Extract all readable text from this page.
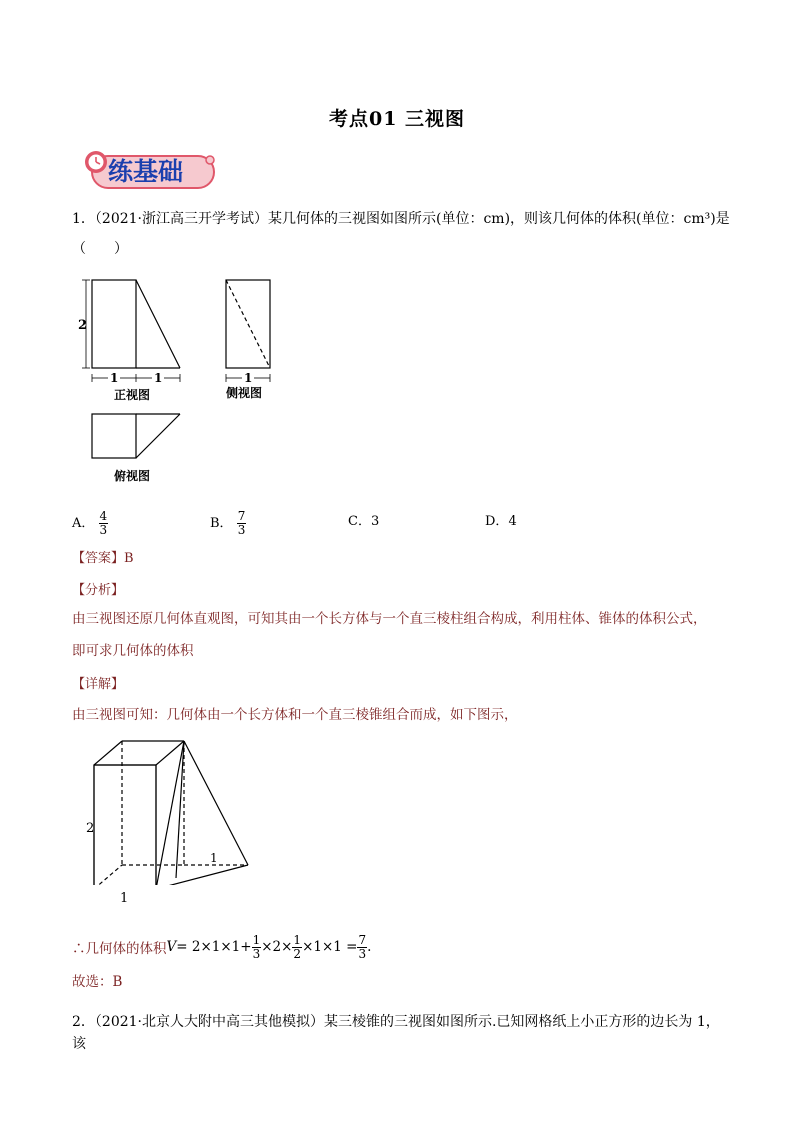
考点01 三视图
练基础
1．（2021·浙江高三开学考试）某几何体的三视图如图所示(单位：cm)，则该几何体的体积(单位：cm³)是
（　　）
2
1	1
正视图
1
侧视图
俯视图
A． $\frac{4}{3}$	B． $\frac{7}{3}$	C．3	D．4
【答案】B
【分析】
由三视图还原几何体直观图，可知其由一个长方体与一个直三棱柱组合构成，利用柱体、锥体的体积公式，
即可求几何体的体积
【详解】
由三视图可知：几何体由一个长方体和一个直三棱锥组合而成，如下图示，
2
1
1
∴几何体的体积 $V = 2\times 1\times 1+ \frac{1}{3} \times 2\times \frac{1}{2} \times 1\times 1 = \frac{7}{3}$ .
故选：B
2．（2021·北京人大附中高三其他模拟）某三棱锥的三视图如图所示.已知网格纸上小正方形的边长为 1，该
